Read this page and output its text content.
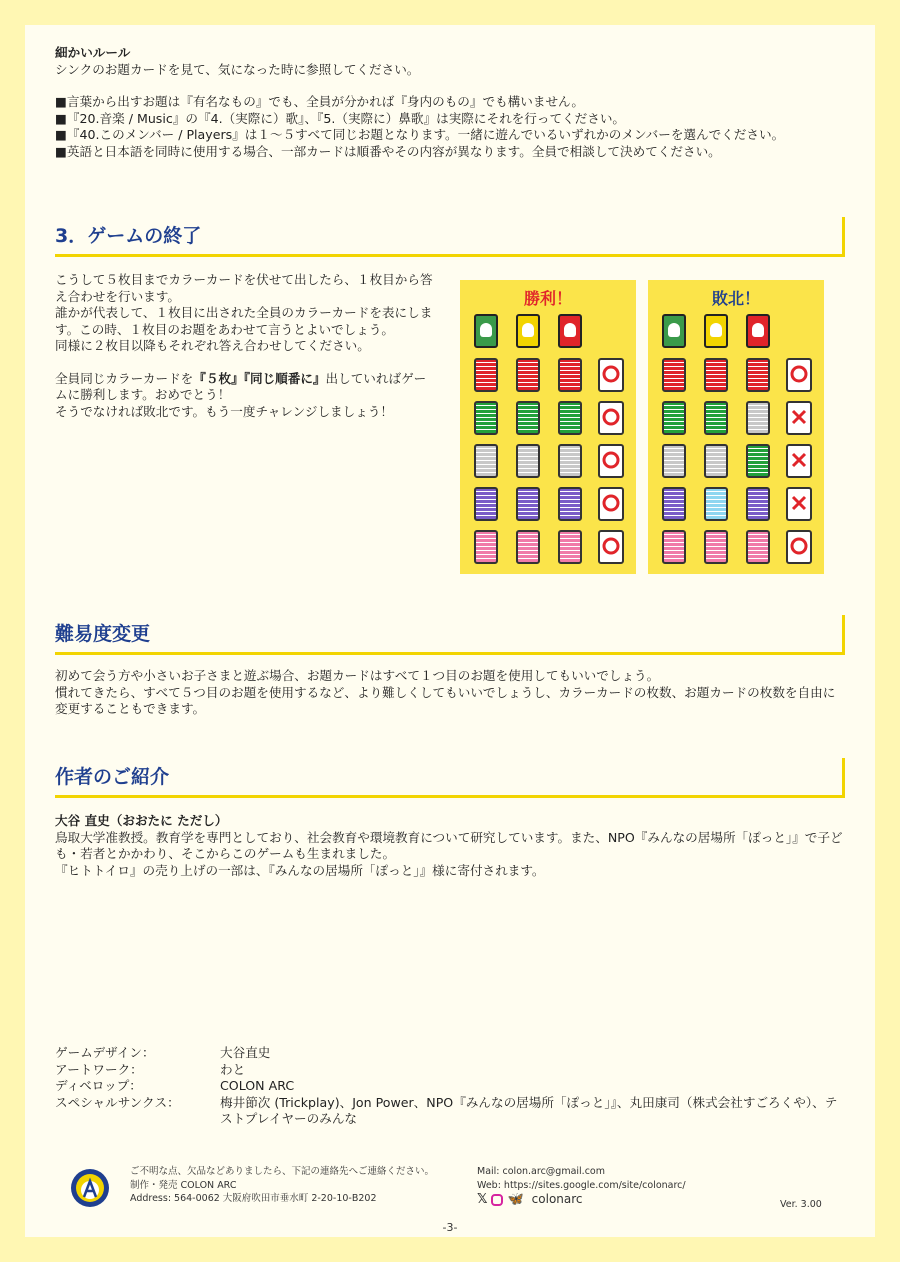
細かいルール

シンクのお題カードを見て、気になった時に参照してください。

■言葉から出すお題は『有名なもの』でも、全員が分かれば『身内のもの』でも構いません。

■『20.音楽 / Music』の『4.（実際に）歌』、『5.（実際に）鼻歌』は実際にそれを行ってください。

■『40.このメンバー / Players』は１～５すべて同じお題となります。一緒に遊んでいるいずれかのメンバーを選んでください。

■英語と日本語を同時に使用する場合、一部カードは順番やその内容が異なります。全員で相談して決めてください。

3．ゲームの終了

こうして５枚目までカラーカードを伏せて出したら、１枚目から答え合わせを行います。

誰かが代表して、１枚目に出された全員のカラーカードを表にします。この時、１枚目のお題をあわせて言うとよいでしょう。

同様に２枚目以降もそれぞれ答え合わせしてください。

全員同じカラーカードを『５枚』『同じ順番に』出していればゲームに勝利します。おめでとう！

そうでなければ敗北です。もう一度チャレンジしましょう！

勝利！	敗北！
難易度変更

初めて会う方や小さいお子さまと遊ぶ場合、お題カードはすべて１つ目のお題を使用してもいいでしょう。

慣れてきたら、すべて５つ目のお題を使用するなど、より難しくしてもいいでしょうし、カラーカードの枚数、お題カードの枚数を自由に変更することもできます。

作者のご紹介

大谷 直史（おおたに ただし）

鳥取大学准教授。教育学を専門としており、社会教育や環境教育について研究しています。また、NPO『みんなの居場所「ぽっと」』で子ども・若者とかかわり、そこからこのゲームも生まれました。

『ヒトトイロ』の売り上げの一部は、『みんなの居場所「ぽっと」』様に寄付されます。

ゲームデザイン：	大谷直史
アートワーク：	わと
ディベロップ：	COLON ARC
スペシャルサンクス：	梅井節次 (Trickplay)、Jon Power、NPO『みんなの居場所「ぽっと」』、丸田康司（株式会社すごろくや）、テストプレイヤーのみんな
ご不明な点、欠品などありましたら、下記の連絡先へご連絡ください。
制作・発売 COLON ARC
Address: 564-0062 大阪府吹田市垂水町 2-20-10-B202
Mail: colon.arc@gmail.com
Web: https://sites.google.com/site/colonarc/
𝕏 🦋 colonarc	Ver. 3.00
-3-
